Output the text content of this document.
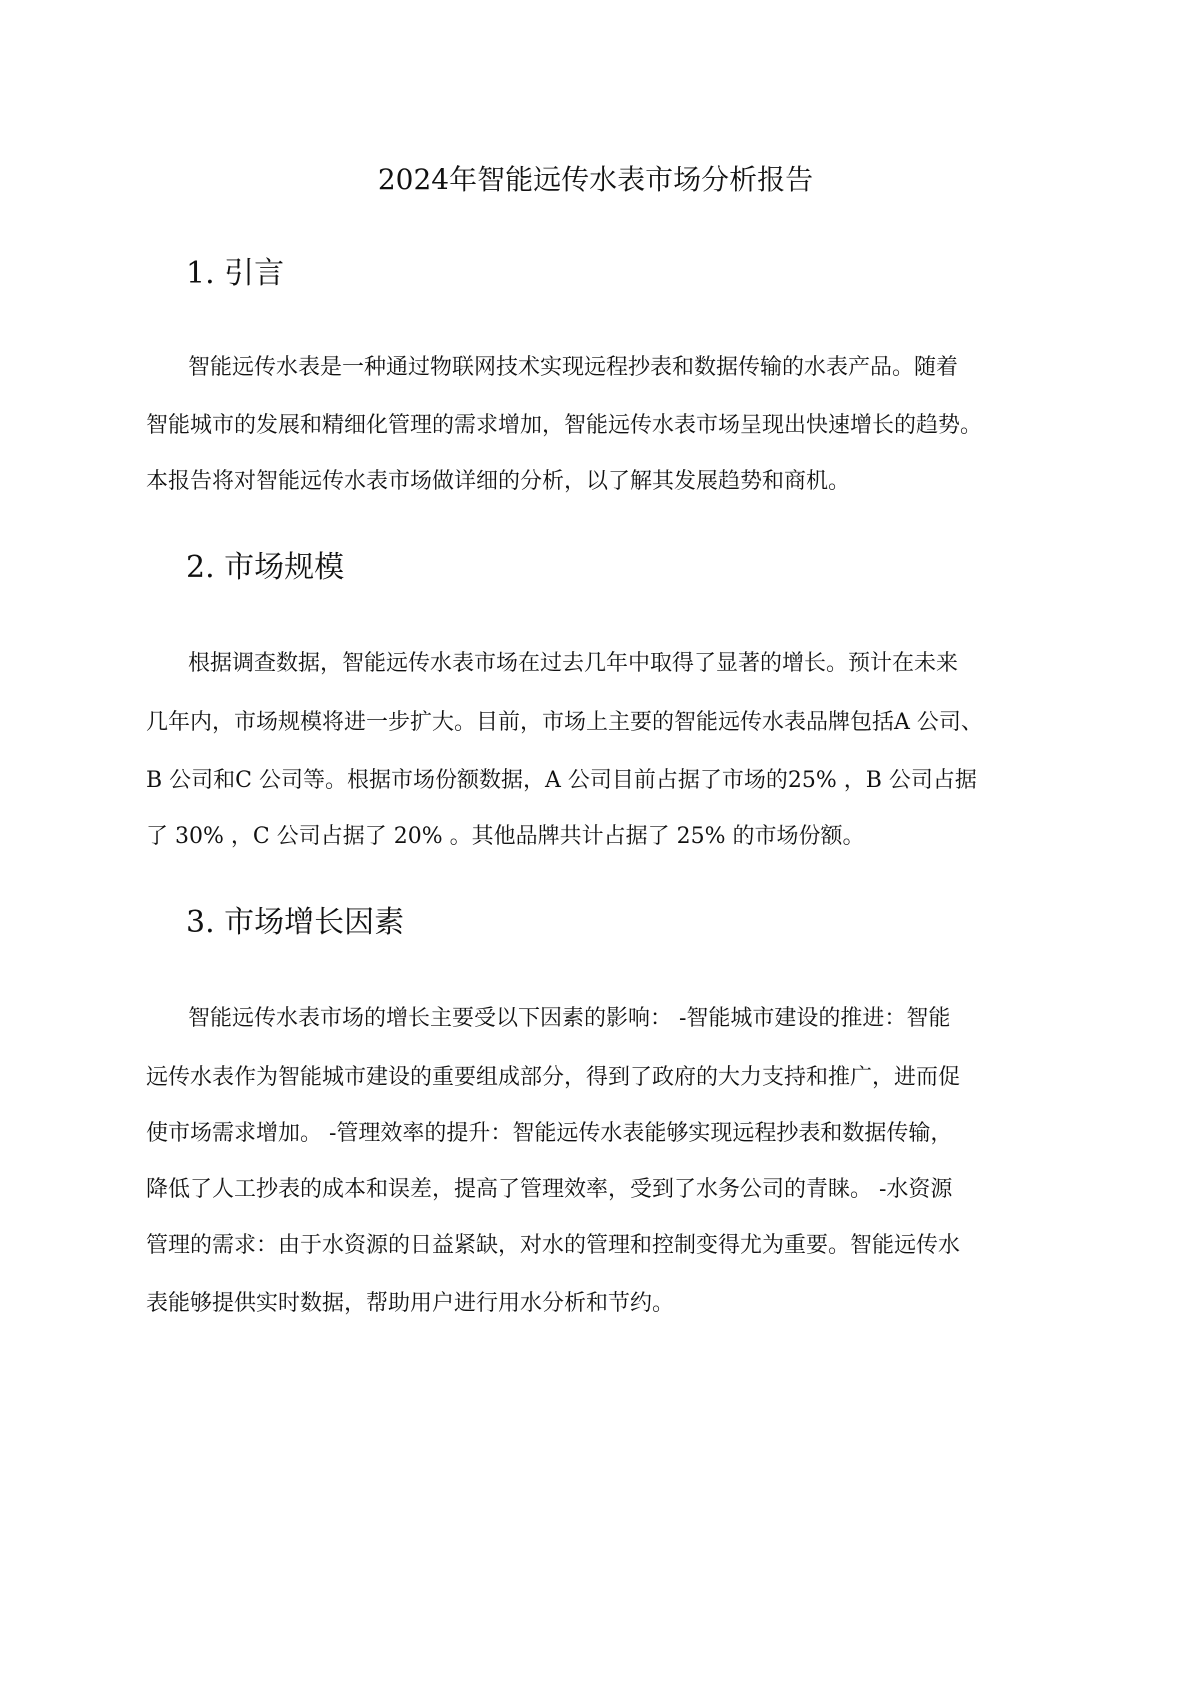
2024年智能远传水表市场分析报告
1. 引言

智能远传水表是一种通过物联网技术实现远程抄表和数据传输的水表产品。随着

智能城市的发展和精细化管理的需求增加，智能远传水表市场呈现出快速增长的趋势。

本报告将对智能远传水表市场做详细的分析，以了解其发展趋势和商机。

2. 市场规模

根据调查数据，智能远传水表市场在过去几年中取得了显著的增长。预计在未来

几年内，市场规模将进一步扩大。目前，市场上主要的智能远传水表品牌包括A 公司、

B 公司和C 公司等。根据市场份额数据，A 公司目前占据了市场的25% ，B 公司占据

了 30% ，C 公司占据了 20% 。其他品牌共计占据了 25% 的市场份额。

3. 市场增长因素

智能远传水表市场的增长主要受以下因素的影响： -智能城市建设的推进：智能

远传水表作为智能城市建设的重要组成部分，得到了政府的大力支持和推广，进而促

使市场需求增加。 -管理效率的提升：智能远传水表能够实现远程抄表和数据传输，

降低了人工抄表的成本和误差，提高了管理效率，受到了水务公司的青睐。 -水资源

管理的需求：由于水资源的日益紧缺，对水的管理和控制变得尤为重要。智能远传水

表能够提供实时数据，帮助用户进行用水分析和节约。
